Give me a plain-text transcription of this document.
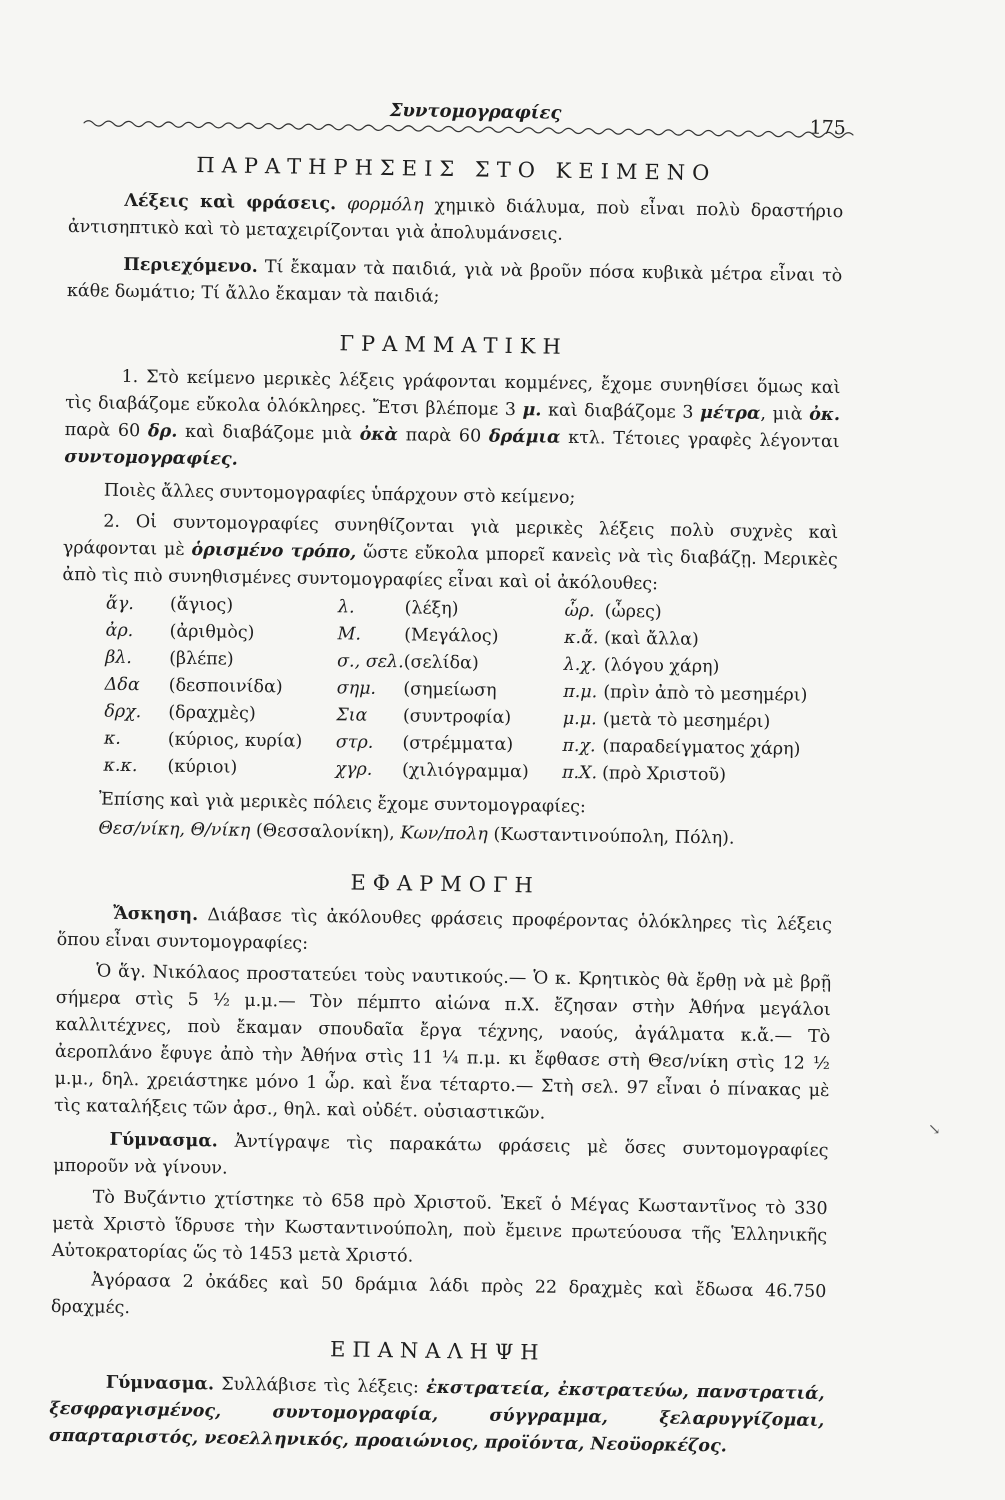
Συντομογραφίες
175
ΠΑΡΑΤΗΡΗΣΕΙΣ ΣΤΟ ΚΕΙΜΕΝΟ

Λέξεις καὶ φράσεις. φορμόλη χημικὸ διάλυμα, ποὺ εἶναι πολὺ δραστήριο ἀντισηπτικὸ καὶ τὸ μεταχειρίζονται γιὰ ἀπολυμάνσεις.

Περιεχόμενο. Τί ἔκαμαν τὰ παιδιά, γιὰ νὰ βροῦν πόσα κυβικὰ μέτρα εἶναι τὸ κάθε δωμάτιο; Τί ἄλλο ἔκαμαν τὰ παιδιά;

ΓΡΑΜΜΑΤΙΚΗ

1. Στὸ κείμενο μερικὲς λέξεις γράφονται κομμένες, ἔχομε συνηθίσει ὅμως καὶ τὶς διαβάζομε εὔκολα ὁλόκληρες. Ἔτσι βλέπομε 3 μ. καὶ διαβάζομε 3 μέτρα, μιὰ ὀκ. παρὰ 60 δρ. καὶ διαβάζομε μιὰ ὀκὰ παρὰ 60 δράμια κτλ. Τέτοιες γραφὲς λέγονται συντομογραφίες.

Ποιὲς ἄλλες συντομογραφίες ὑπάρχουν στὸ κείμενο;

2. Οἱ συντομογραφίες συνηθίζονται γιὰ μερικὲς λέξεις πολὺ συχνὲς καὶ γράφονται μὲ ὁρισμένο τρόπο, ὥστε εὔκολα μπορεῖ κανεὶς νὰ τὶς διαβάζῃ. Μερικὲς ἀπὸ τὶς πιὸ συνηθισμένες συντομογραφίες εἶναι καὶ οἱ ἀκόλουθες:

ἅγ.	(ἅγιος)	λ.	(λέξη)	ὧρ.	(ὧρες)
ἀρ.	(ἀριθμὸς)	Μ.	(Μεγάλος)	κ.ἄ.	(καὶ ἄλλα)
βλ.	(βλέπε)	σ., σελ.	(σελίδα)	λ.χ.	(λόγου χάρη)
Δδα	(δεσποινίδα)	σημ.	(σημείωση	π.μ.	(πρὶν ἀπὸ τὸ μεσημέρι)
δρχ.	(δραχμὲς)	Σια	(συντροφία)	μ.μ.	(μετὰ τὸ μεσημέρι)
κ.	(κύριος, κυρία)	στρ.	(στρέμματα)	π.χ.	(παραδείγματος χάρη)
κ.κ.	(κύριοι)	χγρ.	(χιλιόγραμμα)	π.Χ.	(πρὸ Χριστοῦ)

Ἐπίσης καὶ γιὰ μερικὲς πόλεις ἔχομε συντομογραφίες:

Θεσ/νίκη, Θ/νίκη (Θεσσαλονίκη), Κων/πολη (Κωσταντινούπολη, Πόλη).

ΕΦΑΡΜΟΓΗ

Ἄσκηση. Διάβασε τὶς ἀκόλουθες φράσεις προφέροντας ὁλόκληρες τὶς λέξεις ὅπου εἶναι συντομογραφίες:

Ὁ ἅγ. Νικόλαος προστατεύει τοὺς ναυτικούς.— Ὁ κ. Κρητικὸς θὰ ἔρθῃ νὰ μὲ βρῇ σήμερα στὶς 5 ½ μ.μ.— Τὸν πέμπτο αἰώνα π.Χ. ἔζησαν στὴν Ἀθήνα μεγάλοι καλλιτέχνες, ποὺ ἔκαμαν σπουδαῖα ἔργα τέχνης, ναούς, ἀγάλματα κ.ἄ.— Τὸ ἀεροπλάνο ἔφυγε ἀπὸ τὴν Ἀθήνα στὶς 11 ¼ π.μ. κι ἔφθασε στὴ Θεσ/νίκη στὶς 12 ½ μ.μ., δηλ. χρειάστηκε μόνο 1 ὧρ. καὶ ἕνα τέταρτο.— Στὴ σελ. 97 εἶναι ὁ πίνακας μὲ τὶς καταλήξεις τῶν ἀρσ., θηλ. καὶ οὐδέτ. οὐσιαστικῶν.

Γύμνασμα. Ἀντίγραψε τὶς παρακάτω φράσεις μὲ ὅσες συντομογραφίες μποροῦν νὰ γίνουν.

Τὸ Βυζάντιο χτίστηκε τὸ 658 πρὸ Χριστοῦ. Ἐκεῖ ὁ Μέγας Κωσταντῖνος τὸ 330 μετὰ Χριστὸ ἵδρυσε τὴν Κωσταντινούπολη, ποὺ ἔμεινε πρωτεύουσα τῆς Ἑλληνικῆς Αὐτοκρατορίας ὥς τὸ 1453 μετὰ Χριστό.

Ἀγόρασα 2 ὀκάδες καὶ 50 δράμια λάδι πρὸς 22 δραχμὲς καὶ ἔδωσα 46.750 δραχμές.

ΕΠΑΝΑΛΗΨΗ

Γύμνασμα. Συλλάβισε τὶς λέξεις: ἐκστρατεία, ἐκστρατεύω, πανστρατιά, ξεσφραγισμένος, συντομογραφία, σύγγραμμα, ξελαρυγγίζομαι, σπαρταριστός, νεοελληνικός, προαιώνιος, προϊόντα, Νεοϋορκέζος.

↘
